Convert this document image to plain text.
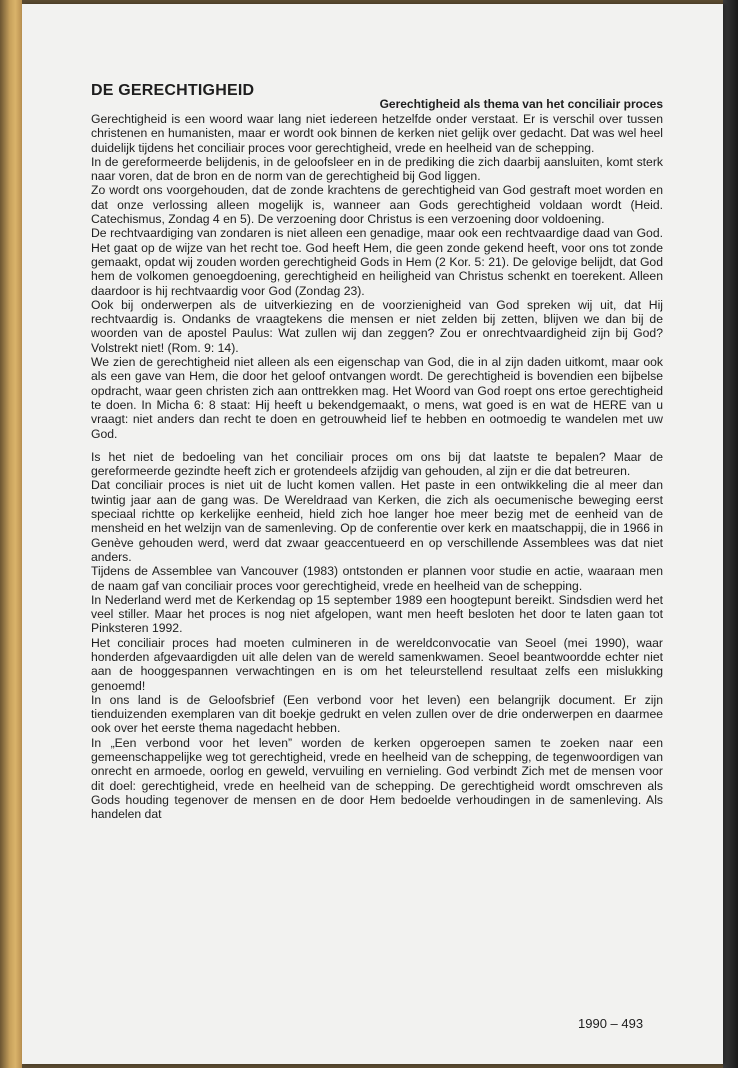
DE GERECHTIGHEID
Gerechtigheid als thema van het conciliair proces

Gerechtigheid is een woord waar lang niet iedereen hetzelfde onder verstaat. Er is verschil over tussen christenen en humanisten, maar er wordt ook binnen de kerken niet gelijk over gedacht. Dat was wel heel duidelijk tijdens het conciliair proces voor gerechtigheid, vrede en heelheid van de schepping.

In de gereformeerde belijdenis, in de geloofsleer en in de prediking die zich daarbij aansluiten, komt sterk naar voren, dat de bron en de norm van de gerechtigheid bij God liggen.

Zo wordt ons voorgehouden, dat de zonde krachtens de gerechtigheid van God gestraft moet worden en dat onze verlossing alleen mogelijk is, wanneer aan Gods gerechtigheid voldaan wordt (Heid. Catechismus, Zondag 4 en 5). De verzoening door Christus is een verzoening door voldoening.

De rechtvaardiging van zondaren is niet alleen een genadige, maar ook een rechtvaardige daad van God. Het gaat op de wijze van het recht toe. God heeft Hem, die geen zonde gekend heeft, voor ons tot zonde gemaakt, opdat wij zouden worden gerechtigheid Gods in Hem (2 Kor. 5: 21). De gelovige belijdt, dat God hem de volkomen genoegdoening, gerechtigheid en heiligheid van Christus schenkt en toerekent. Alleen daardoor is hij rechtvaardig voor God (Zondag 23).

Ook bij onderwerpen als de uitverkiezing en de voorzienigheid van God spreken wij uit, dat Hij rechtvaardig is. Ondanks de vraagtekens die mensen er niet zelden bij zetten, blijven we dan bij de woorden van de apostel Paulus: Wat zullen wij dan zeggen? Zou er onrechtvaardigheid zijn bij God? Volstrekt niet! (Rom. 9: 14).

We zien de gerechtigheid niet alleen als een eigenschap van God, die in al zijn daden uitkomt, maar ook als een gave van Hem, die door het geloof ontvangen wordt. De gerechtigheid is bovendien een bijbelse opdracht, waar geen christen zich aan onttrekken mag. Het Woord van God roept ons ertoe gerechtigheid te doen. In Micha 6: 8 staat: Hij heeft u bekendgemaakt, o mens, wat goed is en wat de HERE van u vraagt: niet anders dan recht te doen en getrouwheid lief te hebben en ootmoedig te wandelen met uw God.

Is het niet de bedoeling van het conciliair proces om ons bij dat laatste te bepalen? Maar de gereformeerde gezindte heeft zich er grotendeels afzijdig van gehouden, al zijn er die dat betreuren.

Dat conciliair proces is niet uit de lucht komen vallen. Het paste in een ontwikkeling die al meer dan twintig jaar aan de gang was. De Wereldraad van Kerken, die zich als oecumenische beweging eerst speciaal richtte op kerkelijke eenheid, hield zich hoe langer hoe meer bezig met de eenheid van de mensheid en het welzijn van de samenleving. Op de conferentie over kerk en maatschappij, die in 1966 in Genève gehouden werd, werd dat zwaar geaccentueerd en op verschillende Assemblees was dat niet anders.

Tijdens de Assemblee van Vancouver (1983) ontstonden er plannen voor studie en actie, waaraan men de naam gaf van conciliair proces voor gerechtigheid, vrede en heelheid van de schepping.

In Nederland werd met de Kerkendag op 15 september 1989 een hoogtepunt bereikt. Sindsdien werd het veel stiller. Maar het proces is nog niet afgelopen, want men heeft besloten het door te laten gaan tot Pinksteren 1992.

Het conciliair proces had moeten culmineren in de wereldconvocatie van Seoel (mei 1990), waar honderden afgevaardigden uit alle delen van de wereld samenkwamen. Seoel beantwoordde echter niet aan de hooggespannen verwachtingen en is om het teleurstellend resultaat zelfs een mislukking genoemd!

In ons land is de Geloofsbrief (Een verbond voor het leven) een belangrijk document. Er zijn tienduizenden exemplaren van dit boekje gedrukt en velen zullen over de drie onderwerpen en daarmee ook over het eerste thema nagedacht hebben.

In „Een verbond voor het leven” worden de kerken opgeroepen samen te zoeken naar een gemeenschappelijke weg tot gerechtigheid, vrede en heelheid van de schepping, de tegenwoordigen van onrecht en armoede, oorlog en geweld, vervuiling en vernieling. God verbindt Zich met de mensen voor dit doel: gerechtigheid, vrede en heelheid van de schepping. De gerechtigheid wordt omschreven als Gods houding tegenover de mensen en de door Hem bedoelde verhoudingen in de samenleving. Als handelen dat

1990 – 493
